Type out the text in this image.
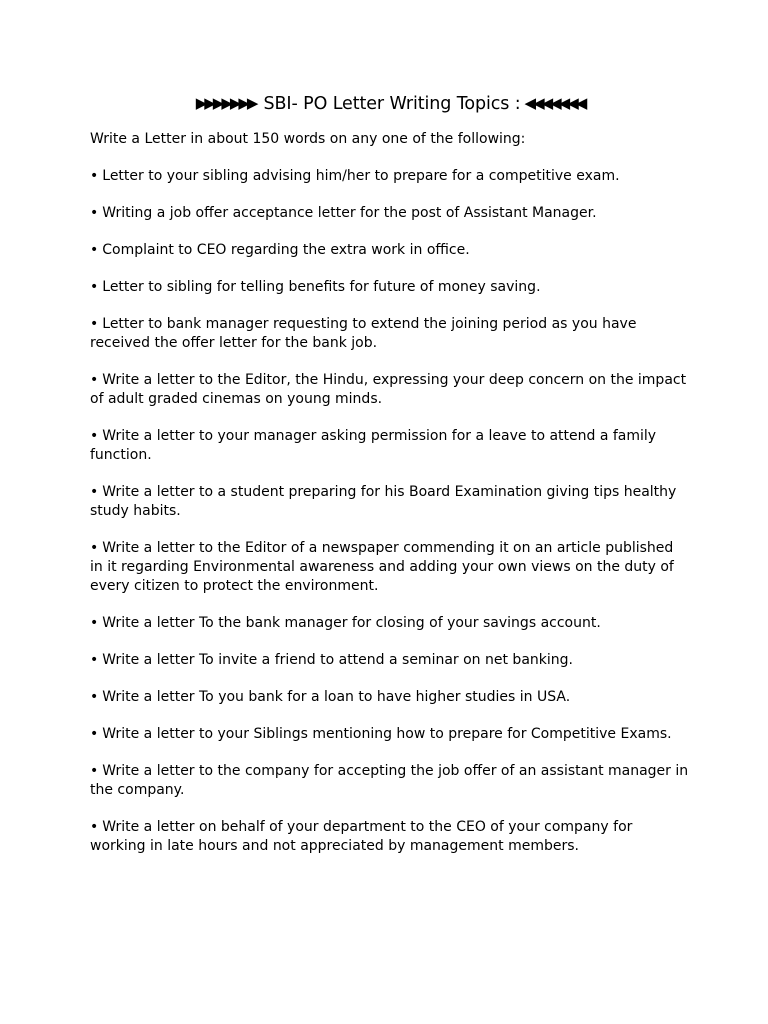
▶▶▶▶▶▶▶ SBI- PO Letter Writing Topics : ◀◀◀◀◀◀◀

Write a Letter in about 150 words on any one of the following:

• Letter to your sibling advising him/her to prepare for a competitive exam.
• Writing a job offer acceptance letter for the post of Assistant Manager.
• Complaint to CEO regarding the extra work in office.
• Letter to sibling for telling benefits for future of money saving.
• Letter to bank manager requesting to extend the joining period as you have received the offer letter for the bank job.
• Write a letter to the Editor, the Hindu, expressing your deep concern on the impact of adult graded cinemas on young minds.
• Write a letter to your manager asking permission for a leave to attend a family function.
• Write a letter to a student preparing for his Board Examination giving tips healthy study habits.
• Write a letter to the Editor of a newspaper commending it on an article published in it regarding Environmental awareness and adding your own views on the duty of every citizen to protect the environment.
• Write a letter To the bank manager for closing of your savings account.
• Write a letter To invite a friend to attend a seminar on net banking.
• Write a letter To you bank for a loan to have higher studies in USA.
• Write a letter to your Siblings mentioning how to prepare for Competitive Exams.
• Write a letter to the company for accepting the job offer of an assistant manager in the company.
• Write a letter on behalf of your department to the CEO of your company for working in late hours and not appreciated by management members.
